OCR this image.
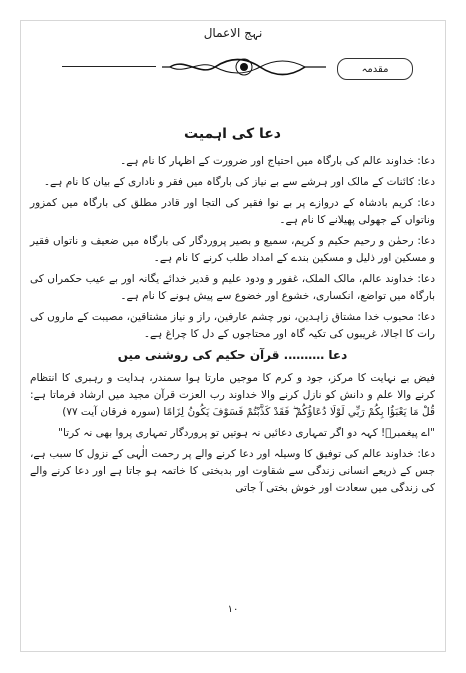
نہج الاعمال
مقدمہ
دعا کی اہمیت

دعا: خداوند عالم کی بارگاہ میں احتیاج اور ضرورت کے اظہار کا نام ہے۔

دعا: کائنات کے مالک اور ہرشے سے بے نیاز کی بارگاہ میں فقر و ناداری کے بیان کا نام ہے۔

دعا: کریم بادشاہ کے دروازے پر بے نوا فقیر کی التجا اور قادر مطلق کی بارگاہ میں کمزور وناتواں کے جھولی پھیلانے کا نام ہے۔

دعا: رحمٰن و رحیم حکیم و کریم، سمیع و بصیر پروردگار کی بارگاہ میں ضعیف و ناتواں فقیر و مسکین اور ذلیل و مسکین بندے کے امداد طلب کرنے کا نام ہے۔

دعا: خداوند عالم، مالک الملک، غفور و ودود علیم و قدیر خدائے یگانہ اور بے عیب حکمراں کی بارگاہ میں تواضع، انکساری، خشوع اور خضوع سے پیش ہونے کا نام ہے۔

دعا: محبوب خدا مشتاق زاہدین، نور چشم عارفین، راز و نیاز مشتاقین، مصیبت کے ماروں کی رات کا اجالا، غریبوں کی تکیہ گاہ اور محتاجوں کے دل کا چراغ ہے۔

دعا ………. قرآن حکیم کی روشنی میں

فیض بے نہایت کا مرکز، جود و کرم کا موجیں مارتا ہوا سمندر، ہدایت و رہبری کا انتظام کرنے والا علم و دانش کو نازل کرنے والا خداوند رب العزت قرآن مجید میں ارشاد فرماتا ہے: قُلْ مَا يَعْبَؤُا بِكُمْ رَبِّي لَوْلَا دُعَاؤُكُمْ ۖ فَقَدْ كَذَّبْتُمْ فَسَوْفَ يَكُونُ لِزَامًا (سورہ فرقان آیت ۷۷)

"اے پیغمبرؐ! کہہ دو اگر تمہاری دعائیں نہ ہوتیں تو پروردگار تمہاری پروا بھی نہ کرتا"

دعا: خداوند عالم کی توفیق کا وسیلہ اور دعا کرنے والے پر رحمت الٰہی کے نزول کا سبب ہے، جس کے ذریعے انسانی زندگی سے شقاوت اور بدبختی کا خاتمہ ہو جاتا ہے اور دعا کرنے والے کی زندگی میں سعادت اور خوش بختی آ جاتی

۱۰
